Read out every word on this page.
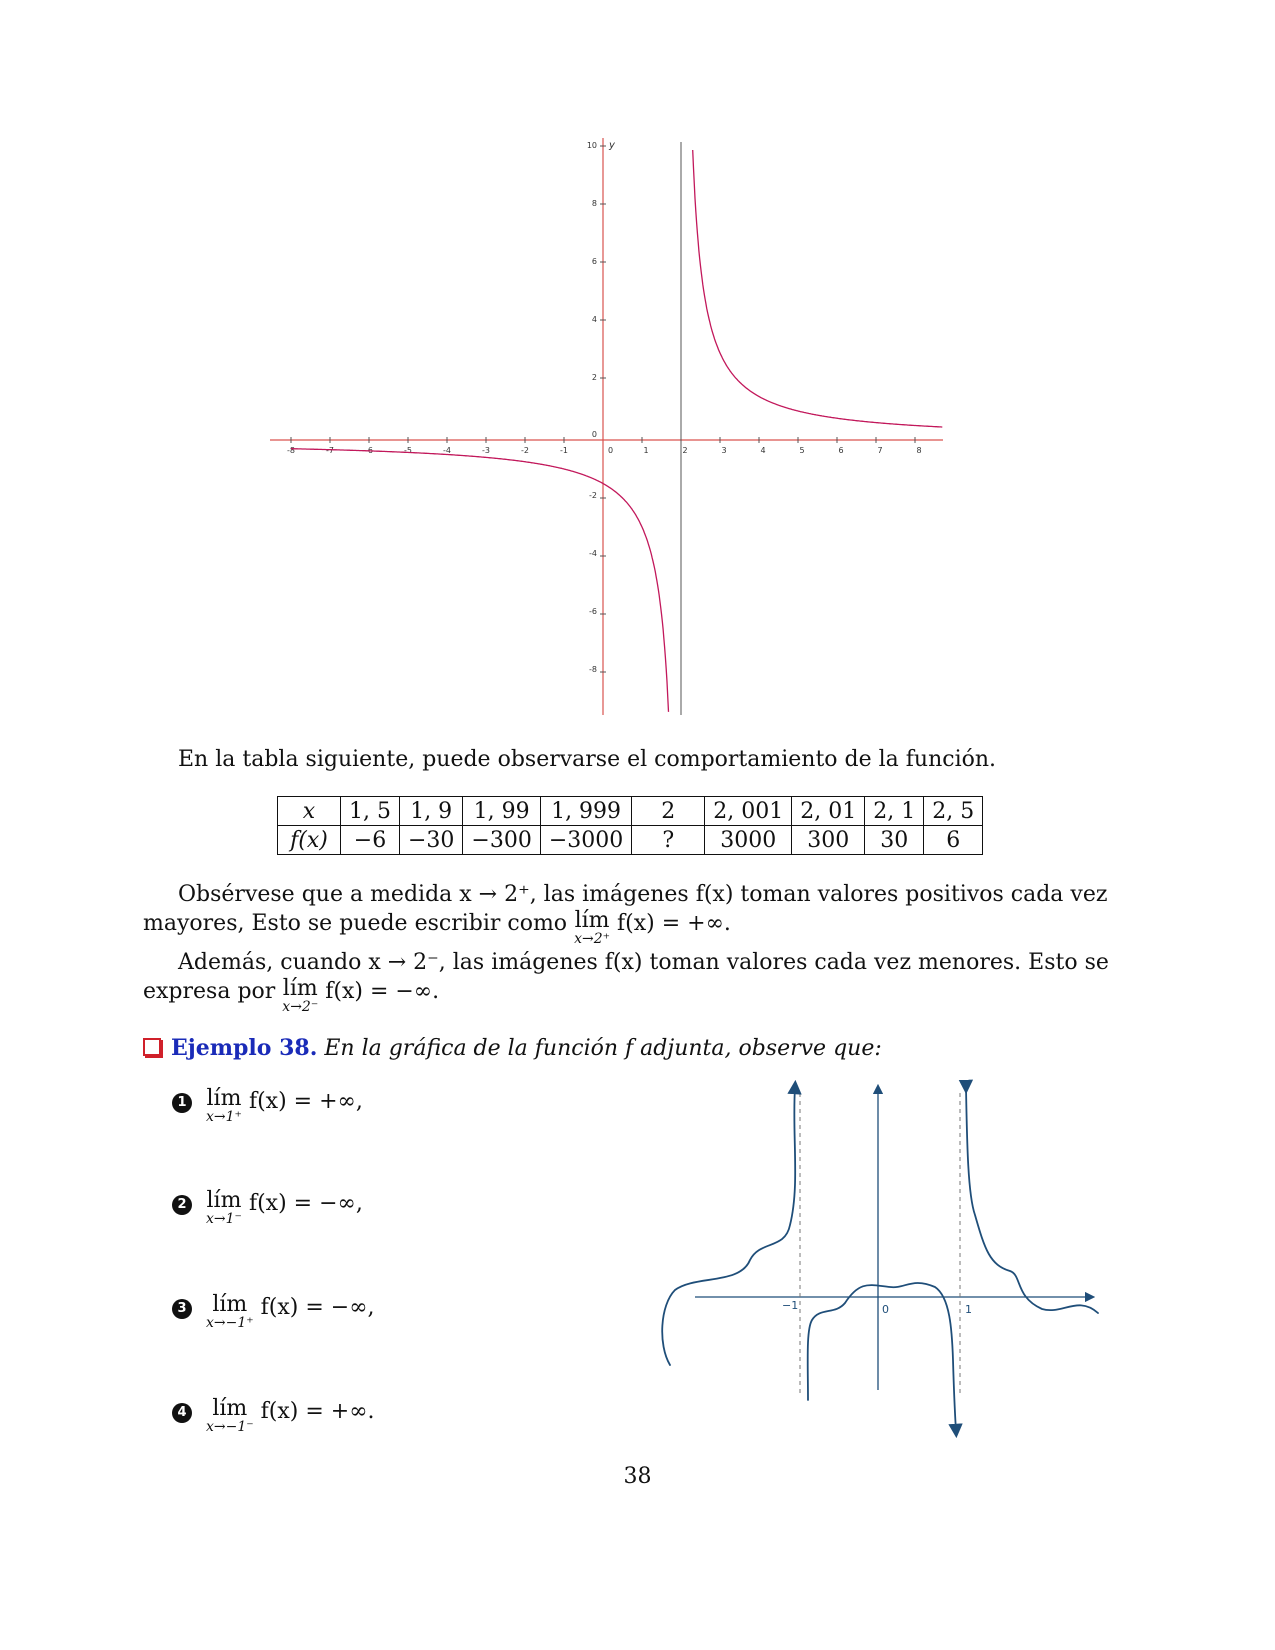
-8	-7	-6	-5	-4	-3	-2	-1	0	1	2	3	4	5	6	7	8
10
8
6
4
2
0
-2
-4
-6
-8
y
En la tabla siguiente, puede observarse el comportamiento de la función.
x	1, 5	1, 9	1, 99	1, 999	2	2, 001	2, 01	2, 1	2, 5
f(x)	−6	−30	−300	−3000	?	3000	300	30	6
Obsérvese que a medida x → 2⁺, las imágenes f(x) toman valores positivos cada vez
mayores, Esto se puede escribir como lím
x→2⁺
f(x) = +∞.
Además, cuando x → 2⁻, las imágenes f(x) toman valores cada vez menores. Esto se
expresa por lím
x→2⁻
f(x) = −∞.
Ejemplo 38. En la gráfica de la función f adjunta, observe que:
1 lím
x→1⁺
f(x) = +∞,
2 lím
x→1⁻
f(x) = −∞,
3 lím
x→−1⁺
f(x) = −∞,
4 lím
x→−1⁻
f(x) = +∞.
−1	0	1
38
